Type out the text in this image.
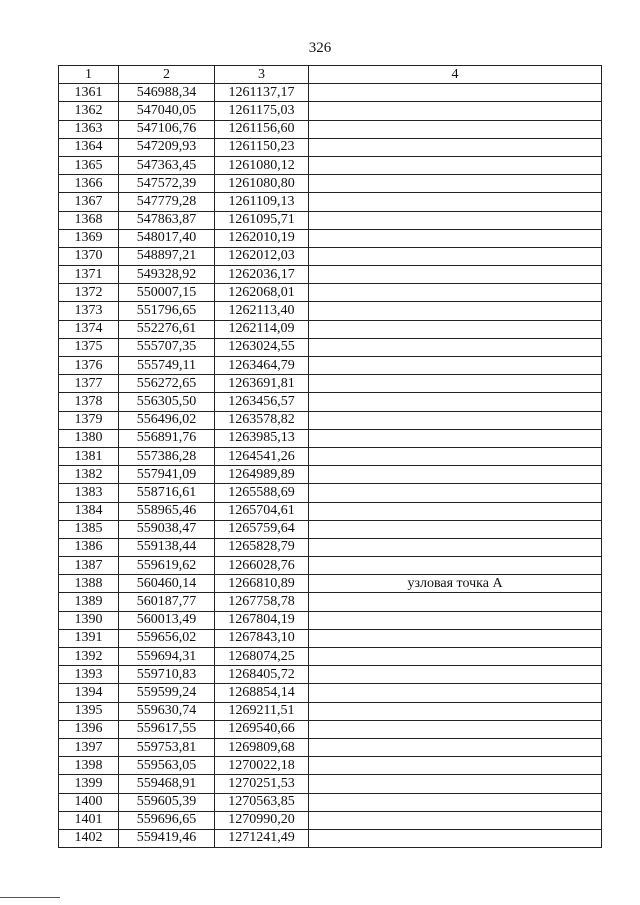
326
1	2	3	4
1361	546988,34	1261137,17	
1362	547040,05	1261175,03	
1363	547106,76	1261156,60	
1364	547209,93	1261150,23	
1365	547363,45	1261080,12	
1366	547572,39	1261080,80	
1367	547779,28	1261109,13	
1368	547863,87	1261095,71	
1369	548017,40	1262010,19	
1370	548897,21	1262012,03	
1371	549328,92	1262036,17	
1372	550007,15	1262068,01	
1373	551796,65	1262113,40	
1374	552276,61	1262114,09	
1375	555707,35	1263024,55	
1376	555749,11	1263464,79	
1377	556272,65	1263691,81	
1378	556305,50	1263456,57	
1379	556496,02	1263578,82	
1380	556891,76	1263985,13	
1381	557386,28	1264541,26	
1382	557941,09	1264989,89	
1383	558716,61	1265588,69	
1384	558965,46	1265704,61	
1385	559038,47	1265759,64	
1386	559138,44	1265828,79	
1387	559619,62	1266028,76	
1388	560460,14	1266810,89	узловая точка А
1389	560187,77	1267758,78	
1390	560013,49	1267804,19	
1391	559656,02	1267843,10	
1392	559694,31	1268074,25	
1393	559710,83	1268405,72	
1394	559599,24	1268854,14	
1395	559630,74	1269211,51	
1396	559617,55	1269540,66	
1397	559753,81	1269809,68	
1398	559563,05	1270022,18	
1399	559468,91	1270251,53	
1400	559605,39	1270563,85	
1401	559696,65	1270990,20	
1402	559419,46	1271241,49	
